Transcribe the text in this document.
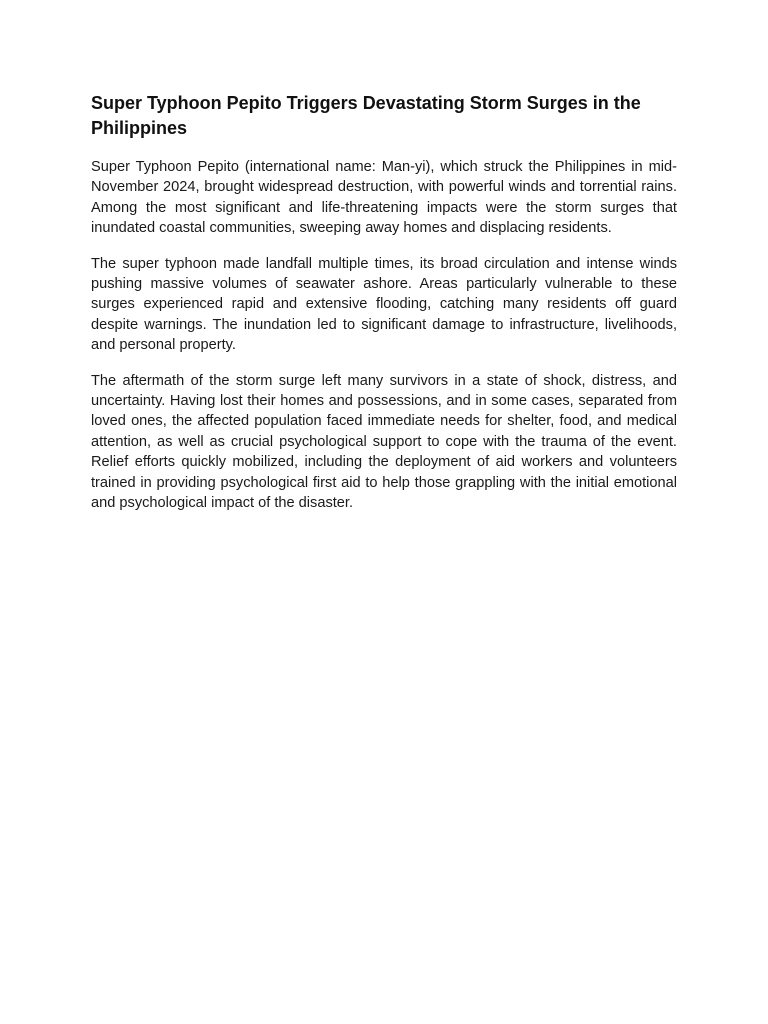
Super Typhoon Pepito Triggers Devastating Storm Surges in the Philippines

Super Typhoon Pepito (international name: Man-yi), which struck the Philippines in mid-November 2024, brought widespread destruction, with powerful winds and torrential rains. Among the most significant and life-threatening impacts were the storm surges that inundated coastal communities, sweeping away homes and displacing residents.

The super typhoon made landfall multiple times, its broad circulation and intense winds pushing massive volumes of seawater ashore. Areas particularly vulnerable to these surges experienced rapid and extensive flooding, catching many residents off guard despite warnings. The inundation led to significant damage to infrastructure, livelihoods, and personal property.

The aftermath of the storm surge left many survivors in a state of shock, distress, and uncertainty. Having lost their homes and possessions, and in some cases, separated from loved ones, the affected population faced immediate needs for shelter, food, and medical attention, as well as crucial psychological support to cope with the trauma of the event. Relief efforts quickly mobilized, including the deployment of aid workers and volunteers trained in providing psychological first aid to help those grappling with the initial emotional and psychological impact of the disaster.
